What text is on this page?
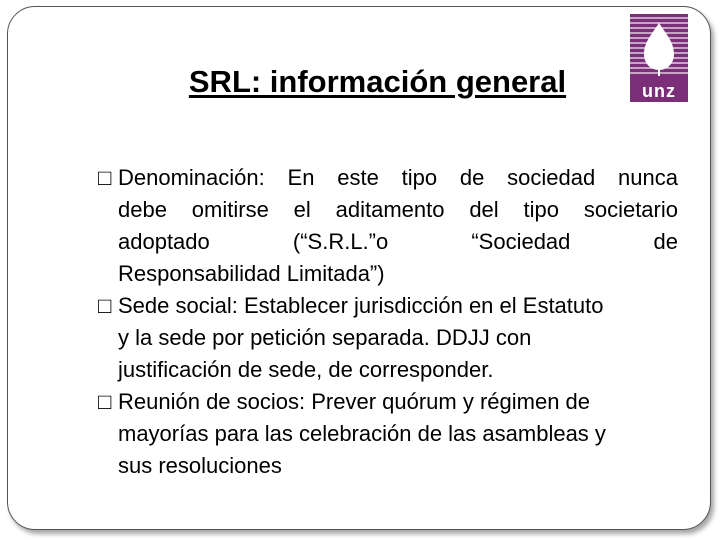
SRL: información general	unz
□ Denominación: En este tipo de sociedad nunca
debe omitirse el aditamento del tipo societario
adoptado (“S.R.L.”o “Sociedad de
Responsabilidad Limitada”)
□ Sede social: Establecer jurisdicción en el Estatuto
y la sede por petición separada. DDJJ con
justificación de sede, de corresponder.
□ Reunión de socios: Prever quórum y régimen de
mayorías para las celebración de las asambleas y
sus resoluciones
